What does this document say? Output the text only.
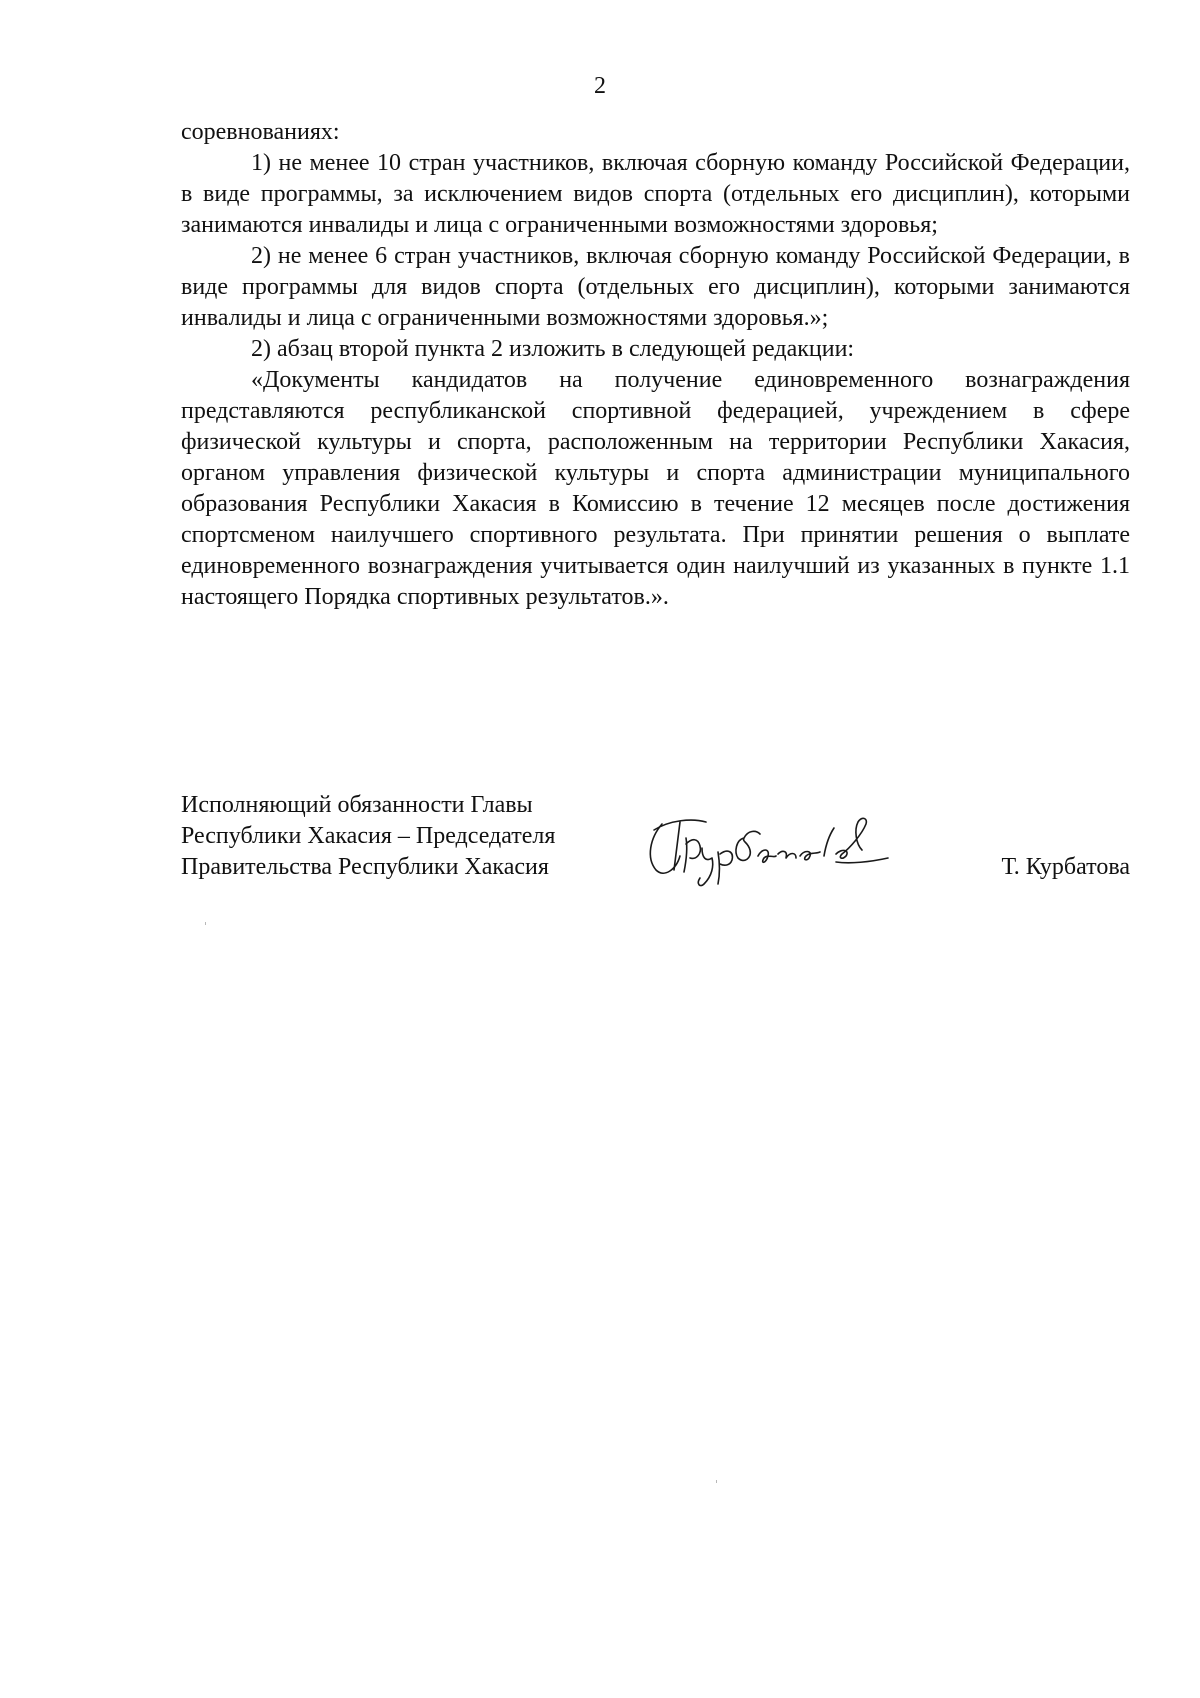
2

соревнованиях:

1) не менее 10 стран участников, включая сборную команду Российской Федерации, в виде программы, за исключением видов спорта (отдельных его дисциплин), которыми занимаются инвалиды и лица с ограниченными возможностями здоровья;

2) не менее 6 стран участников, включая сборную команду Российской Федерации, в виде программы для видов спорта (отдельных его дисциплин), которыми занимаются инвалиды и лица с ограниченными возможностями здоровья.»;

2) абзац второй пункта 2 изложить в следующей редакции:

«Документы кандидатов на получение единовременного вознаграждения представляются республиканской спортивной федерацией, учреждением в сфере физической культуры и спорта, расположенным на территории Республики Хакасия, органом управления физической культуры и спорта администрации муниципального образования Республики Хакасия в Комиссию в течение 12 месяцев после достижения спортсменом наилучшего спортивного результата. При принятии решения о выплате единовременного вознаграждения учитывается один наилучший из указанных в пункте 1.1 настоящего Порядка спортивных результатов.».

Исполняющий обязанности Главы
Республики Хакасия – Председателя
Правительства Республики Хакасия	Т. Курбатова
